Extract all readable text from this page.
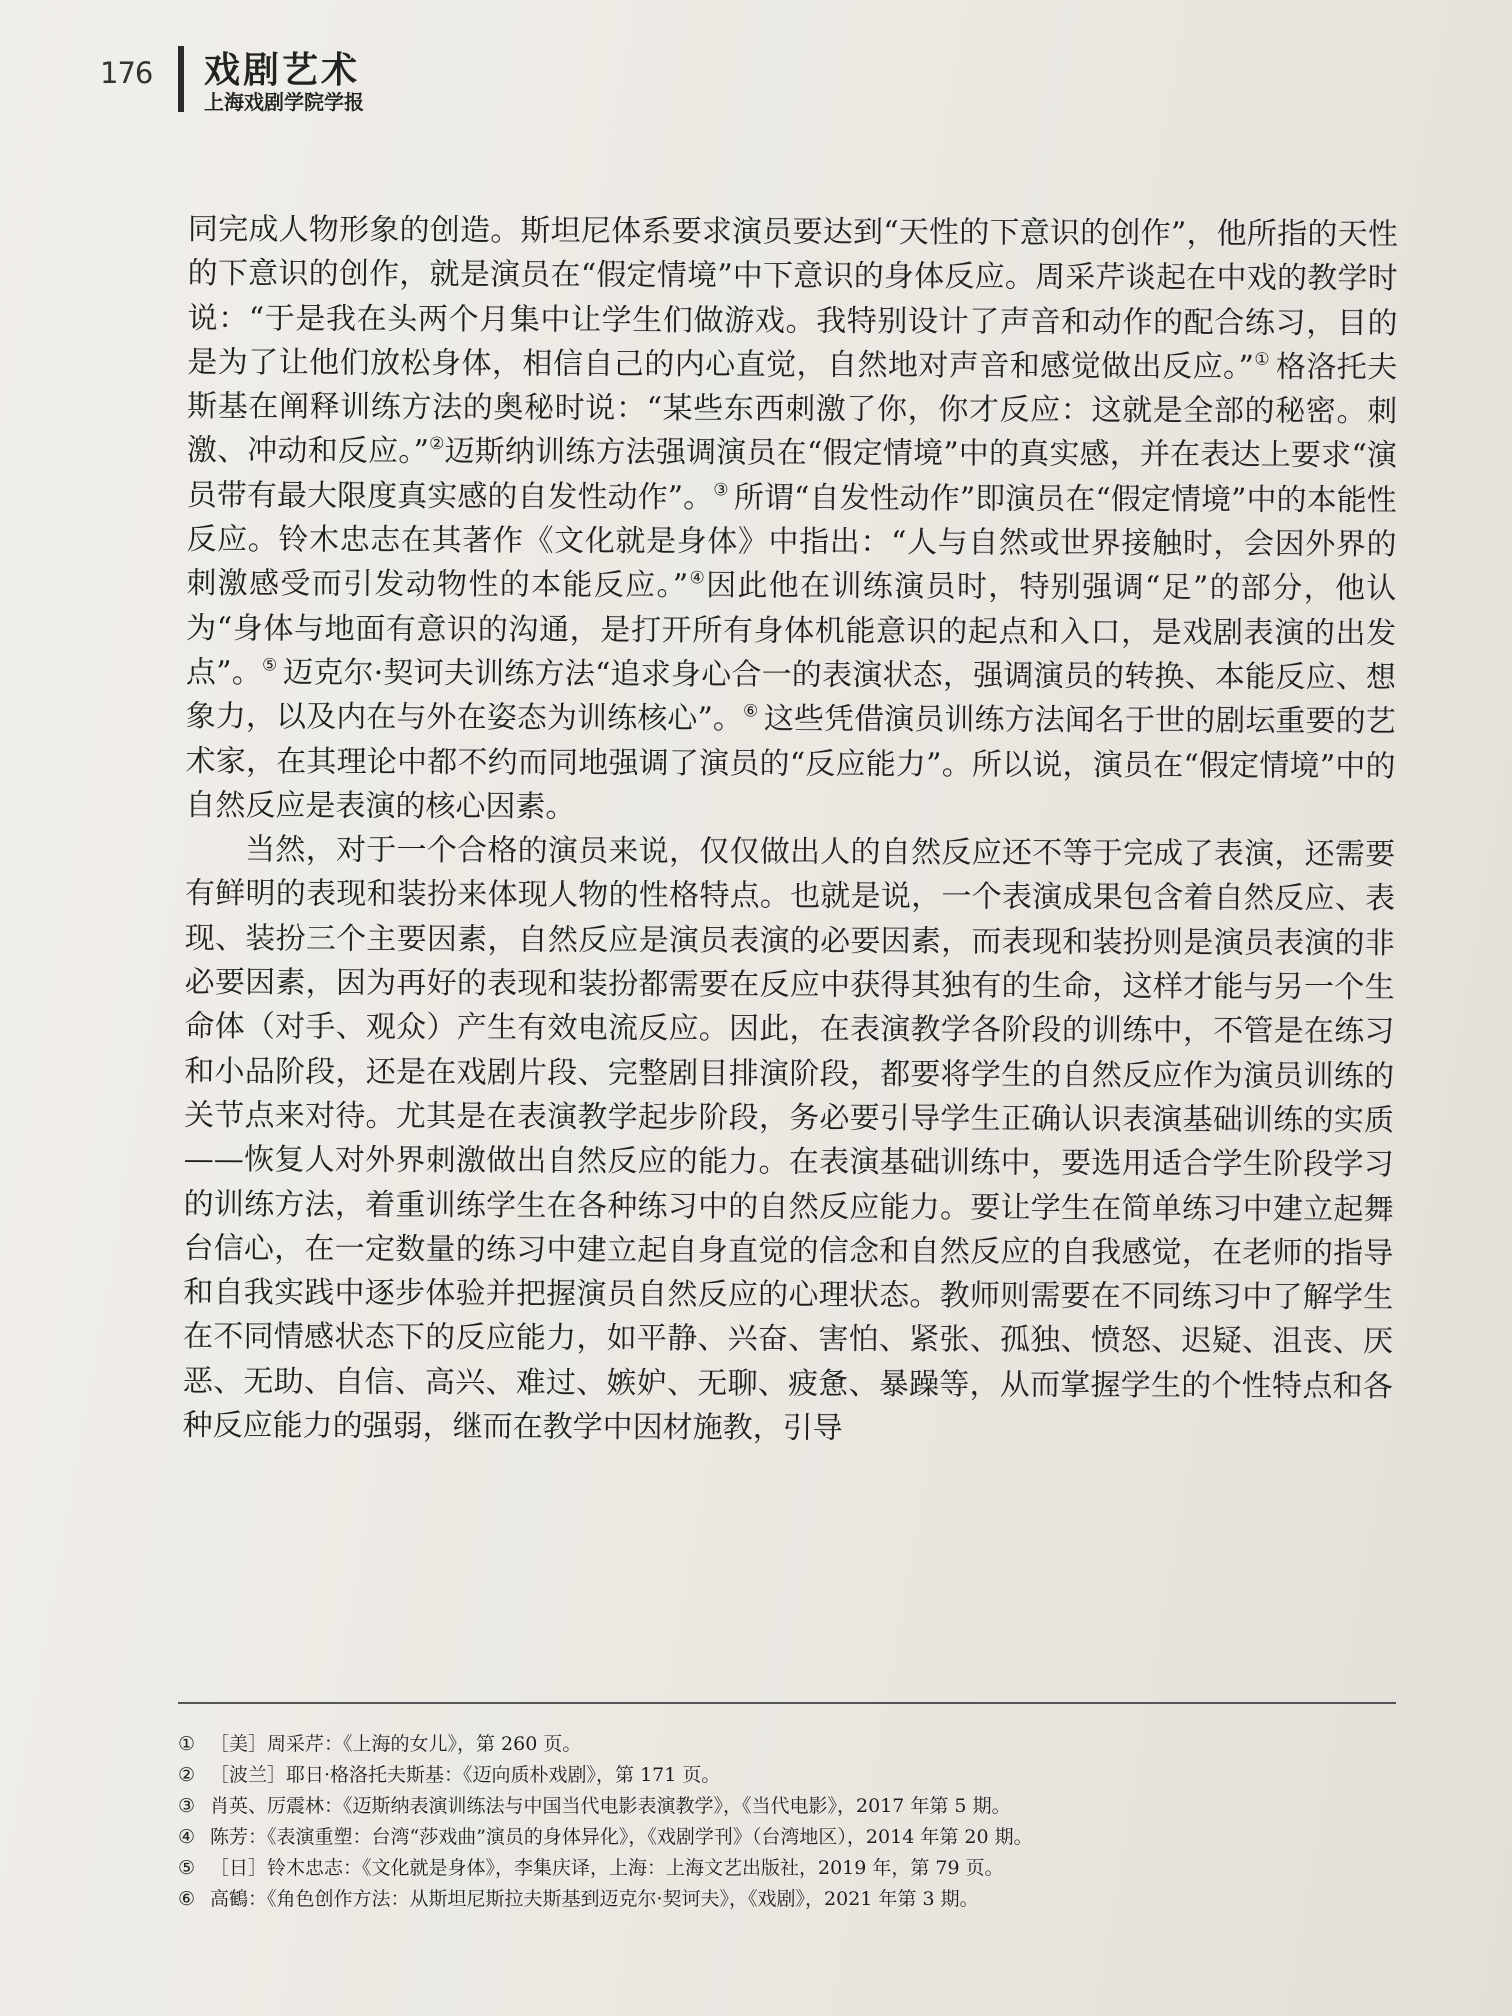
176	戏剧艺术
上海戏剧学院学报

同完成人物形象的创造。斯坦尼体系要求演员要达到“天性的下意识的创作”，他所指的天性的下意识的创作，就是演员在“假定情境”中下意识的身体反应。周采芹谈起在中戏的教学时说：“于是我在头两个月集中让学生们做游戏。我特别设计了声音和动作的配合练习，目的是为了让他们放松身体，相信自己的内心直觉，自然地对声音和感觉做出反应。”① 格洛托夫斯基在阐释训练方法的奥秘时说：“某些东西刺激了你，你才反应：这就是全部的秘密。刺激、冲动和反应。”②迈斯纳训练方法强调演员在“假定情境”中的真实感，并在表达上要求“演员带有最大限度真实感的自发性动作”。③ 所谓“自发性动作”即演员在“假定情境”中的本能性反应。铃木忠志在其著作《文化就是身体》中指出：“人与自然或世界接触时，会因外界的刺激感受而引发动物性的本能反应。”④因此他在训练演员时，特别强调“足”的部分，他认为“身体与地面有意识的沟通，是打开所有身体机能意识的起点和入口，是戏剧表演的出发点”。⑤ 迈克尔·契诃夫训练方法“追求身心合一的表演状态，强调演员的转换、本能反应、想象力，以及内在与外在姿态为训练核心”。⑥ 这些凭借演员训练方法闻名于世的剧坛重要的艺术家，在其理论中都不约而同地强调了演员的“反应能力”。所以说，演员在“假定情境”中的自然反应是表演的核心因素。

当然，对于一个合格的演员来说，仅仅做出人的自然反应还不等于完成了表演，还需要有鲜明的表现和装扮来体现人物的性格特点。也就是说，一个表演成果包含着自然反应、表现、装扮三个主要因素，自然反应是演员表演的必要因素，而表现和装扮则是演员表演的非必要因素，因为再好的表现和装扮都需要在反应中获得其独有的生命，这样才能与另一个生命体（对手、观众）产生有效电流反应。因此，在表演教学各阶段的训练中，不管是在练习和小品阶段，还是在戏剧片段、完整剧目排演阶段，都要将学生的自然反应作为演员训练的关节点来对待。尤其是在表演教学起步阶段，务必要引导学生正确认识表演基础训练的实质——恢复人对外界刺激做出自然反应的能力。在表演基础训练中，要选用适合学生阶段学习的训练方法，着重训练学生在各种练习中的自然反应能力。要让学生在简单练习中建立起舞台信心，在一定数量的练习中建立起自身直觉的信念和自然反应的自我感觉，在老师的指导和自我实践中逐步体验并把握演员自然反应的心理状态。教师则需要在不同练习中了解学生在不同情感状态下的反应能力，如平静、兴奋、害怕、紧张、孤独、愤怒、迟疑、沮丧、厌恶、无助、自信、高兴、难过、嫉妒、无聊、疲惫、暴躁等，从而掌握学生的个性特点和各种反应能力的强弱，继而在教学中因材施教，引导

① ［美］周采芹：《上海的女儿》，第 260 页。

② ［波兰］耶日·格洛托夫斯基：《迈向质朴戏剧》，第 171 页。

③ 肖英、厉震林：《迈斯纳表演训练法与中国当代电影表演教学》，《当代电影》，2017 年第 5 期。

④ 陈芳：《表演重塑：台湾“莎戏曲”演员的身体异化》，《戏剧学刊》（台湾地区），2014 年第 20 期。

⑤ ［日］铃木忠志：《文化就是身体》，李集庆译，上海：上海文艺出版社，2019 年，第 79 页。

⑥ 高鶴：《角色创作方法：从斯坦尼斯拉夫斯基到迈克尔·契诃夫》，《戏剧》，2021 年第 3 期。
